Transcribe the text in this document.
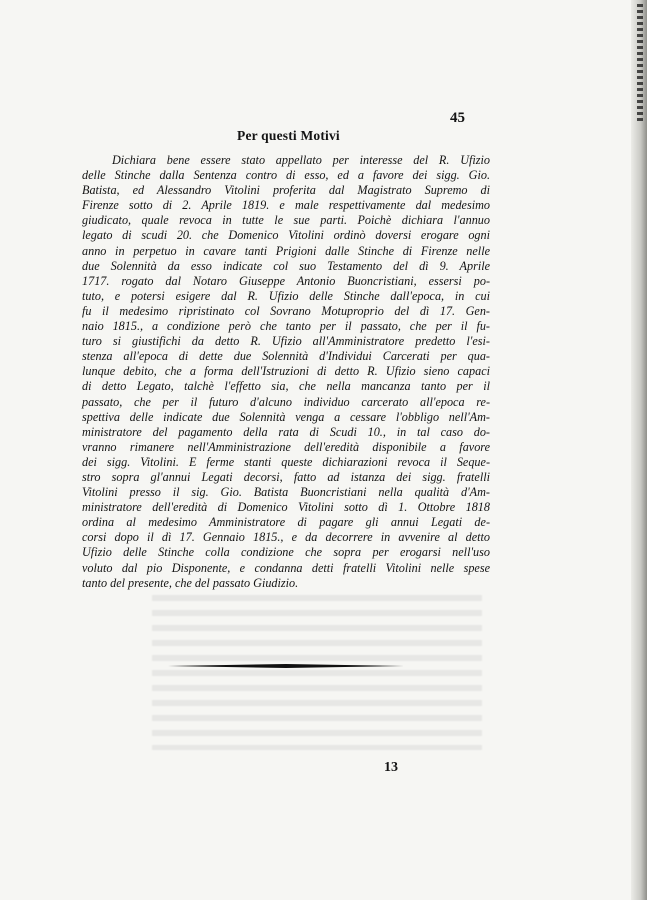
45
Per questi Motivi
Dichiara bene essere stato appellato per interesse del R. Ufizio
delle Stinche dalla Sentenza contro di esso, ed a favore dei sigg. Gio.
Batista, ed Alessandro Vitolini proferita dal Magistrato Supremo di
Firenze sotto di 2. Aprile 1819. e male respettivamente dal medesimo
giudicato, quale revoca in tutte le sue parti. Poichè dichiara l'annuo
legato di scudi 20. che Domenico Vitolini ordinò doversi erogare ogni
anno in perpetuo in cavare tanti Prigioni dalle Stinche di Firenze nelle
due Solennità da esso indicate col suo Testamento del dì 9. Aprile
1717. rogato dal Notaro Giuseppe Antonio Buoncristiani, essersi po-
tuto, e potersi esigere dal R. Ufizio delle Stinche dall'epoca, in cui
fu il medesimo ripristinato col Sovrano Motuproprio del dì 17. Gen-
naio 1815., a condizione però che tanto per il passato, che per il fu-
turo si giustifichi da detto R. Ufizio all'Amministratore predetto l'esi-
stenza all'epoca di dette due Solennità d'Individui Carcerati per qua-
lunque debito, che a forma dell'Istruzioni di detto R. Ufizio sieno capaci
di detto Legato, talchè l'effetto sia, che nella mancanza tanto per il
passato, che per il futuro d'alcuno individuo carcerato all'epoca re-
spettiva delle indicate due Solennità venga a cessare l'obbligo nell'Am-
ministratore del pagamento della rata di Scudi 10., in tal caso do-
vranno rimanere nell'Amministrazione dell'eredità disponibile a favore
dei sigg. Vitolini. E ferme stanti queste dichiarazioni revoca il Seque-
stro sopra gl'annui Legati decorsi, fatto ad istanza dei sigg. fratelli
Vitolini presso il sig. Gio. Batista Buoncristiani nella qualità d'Am-
ministratore dell'eredità di Domenico Vitolini sotto dì 1. Ottobre 1818
ordina al medesimo Amministratore di pagare gli annui Legati de-
corsi dopo il dì 17. Gennaio 1815., e da decorrere in avvenire al detto
Ufizio delle Stinche colla condizione che sopra per erogarsi nell'uso
voluto dal pio Disponente, e condanna detti fratelli Vitolini nelle spese
tanto del presente, che del passato Giudizio.
13
